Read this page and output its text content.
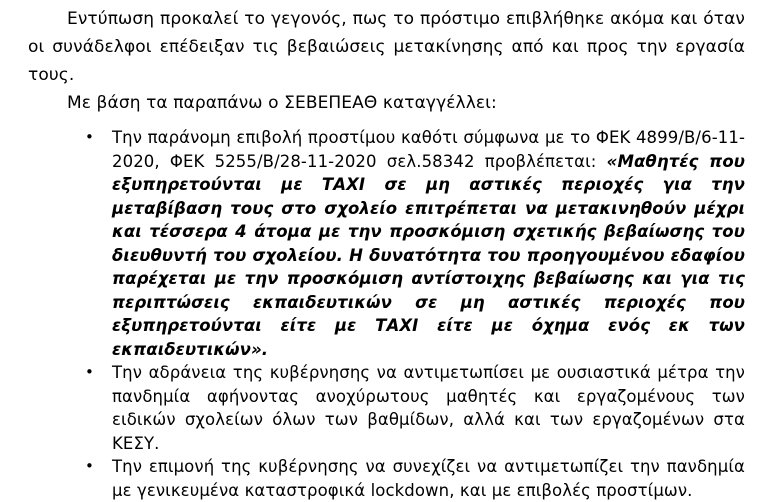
Εντύπωση προκαλεί το γεγονός, πως το πρόστιμο επιβλήθηκε ακόμα και όταν οι συνάδελφοι επέδειξαν τις βεβαιώσεις μετακίνησης από και προς την εργασία τους.

Με βάση τα παραπάνω ο ΣΕΒΕΠΕΑΘ καταγγέλλει:

•	Την παράνομη επιβολή προστίμου καθότι σύμφωνα με το ΦΕΚ 4899/Β/6-11-2020, ΦΕΚ 5255/Β/28-11-2020 σελ.58342 προβλέπεται: «Μαθητές που εξυπηρετούνται με ΤΑΧΙ σε μη αστικές περιοχές για την μεταβίβαση τους στο σχολείο επιτρέπεται να μετακινηθούν μέχρι και τέσσερα 4 άτομα με την προσκόμιση σχετικής βεβαίωσης του διευθυντή του σχολείου. Η δυνατότητα του προηγουμένου εδαφίου παρέχεται με την προσκόμιση αντίστοιχης βεβαίωσης και για τις περιπτώσεις εκπαιδευτικών σε μη αστικές περιοχές που εξυπηρετούνται είτε με ΤΑΧΙ είτε με όχημα ενός εκ των εκπαιδευτικών».
•	Την αδράνεια της κυβέρνησης να αντιμετωπίσει με ουσιαστικά μέτρα την πανδημία αφήνοντας ανοχύρωτους μαθητές και εργαζομένους των ειδικών σχολείων όλων των βαθμίδων, αλλά και των εργαζομένων στα ΚΕΣΥ.
•	Την επιμονή της κυβέρνησης να συνεχίζει να αντιμετωπίζει την πανδημία με γενικευμένα καταστροφικά lockdown, και με επιβολές προστίμων.
